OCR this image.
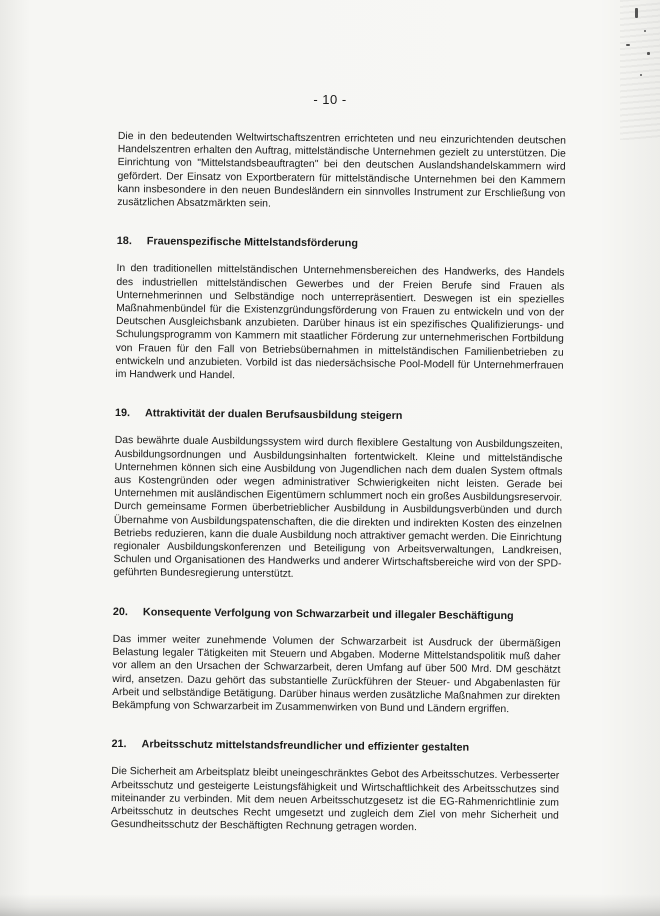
- 10 -

Die in den bedeutenden Weltwirtschaftszentren errichteten und neu einzurichtenden deutschen Handelszentren erhalten den Auftrag, mittelständische Unternehmen gezielt zu unterstützen. Die Einrichtung von "Mittelstandsbeauftragten" bei den deutschen Auslandshandelskammern wird gefördert. Der Einsatz von Exportberatern für mittelständische Unternehmen bei den Kammern kann insbesondere in den neuen Bundesländern ein sinnvolles Instrument zur Erschließung von zusätzlichen Absatzmärkten sein.

18.	Frauenspezifische Mittelstandsförderung

In den traditionellen mittelständischen Unternehmensbereichen des Handwerks, des Handels des industriellen mittelständischen Gewerbes und der Freien Berufe sind Frauen als Unternehmerinnen und Selbständige noch unterrepräsentiert. Deswegen ist ein spezielles Maßnahmenbündel für die Existenzgründungsförderung von Frauen zu entwickeln und von der Deutschen Ausgleichsbank anzubieten. Darüber hinaus ist ein spezifisches Qualifizierungs- und Schulungsprogramm von Kammern mit staatlicher Förderung zur unternehmerischen Fortbildung von Frauen für den Fall von Betriebsübernahmen in mittelständischen Familienbetrieben zu entwickeln und anzubieten. Vorbild ist das niedersächsische Pool-Modell für Unternehmerfrauen im Handwerk und Handel.

19.	Attraktivität der dualen Berufsausbildung steigern

Das bewährte duale Ausbildungssystem wird durch flexiblere Gestaltung von Ausbildungszeiten, Ausbildungsordnungen und Ausbildungsinhalten fortentwickelt. Kleine und mittelständische Unternehmen können sich eine Ausbildung von Jugendlichen nach dem dualen System oftmals aus Kostengründen oder wegen administrativer Schwierigkeiten nicht leisten. Gerade bei Unternehmen mit ausländischen Eigentümern schlummert noch ein großes Ausbildungsreservoir. Durch gemeinsame Formen überbetrieblicher Ausbildung in Ausbildungsverbünden und durch Übernahme von Ausbildungspatenschaften, die die direkten und indirekten Kosten des einzelnen Betriebs reduzieren, kann die duale Ausbildung noch attraktiver gemacht werden. Die Einrichtung regionaler Ausbildungskonferenzen und Beteiligung von Arbeitsverwaltungen, Landkreisen, Schulen und Organisationen des Handwerks und anderer Wirtschaftsbereiche wird von der SPD-geführten Bundesregierung unterstützt.

20.	Konsequente Verfolgung von Schwarzarbeit und illegaler Beschäftigung

Das immer weiter zunehmende Volumen der Schwarzarbeit ist Ausdruck der übermäßigen Belastung legaler Tätigkeiten mit Steuern und Abgaben. Moderne Mittelstandspolitik muß daher vor allem an den Ursachen der Schwarzarbeit, deren Umfang auf über 500 Mrd. DM geschätzt wird, ansetzen. Dazu gehört das substantielle Zurückführen der Steuer- und Abgabenlasten für Arbeit und selbständige Betätigung. Darüber hinaus werden zusätzliche Maßnahmen zur direkten Bekämpfung von Schwarzarbeit im Zusammenwirken von Bund und Ländern ergriffen.

21.	Arbeitsschutz mittelstandsfreundlicher und effizienter gestalten

Die Sicherheit am Arbeitsplatz bleibt uneingeschränktes Gebot des Arbeitsschutzes. Verbesserter Arbeitsschutz und gesteigerte Leistungsfähigkeit und Wirtschaftlichkeit des Arbeitsschutzes sind miteinander zu verbinden. Mit dem neuen Arbeitsschutzgesetz ist die EG-Rahmenrichtlinie zum Arbeitsschutz in deutsches Recht umgesetzt und zugleich dem Ziel von mehr Sicherheit und Gesundheitsschutz der Beschäftigten Rechnung getragen worden.
